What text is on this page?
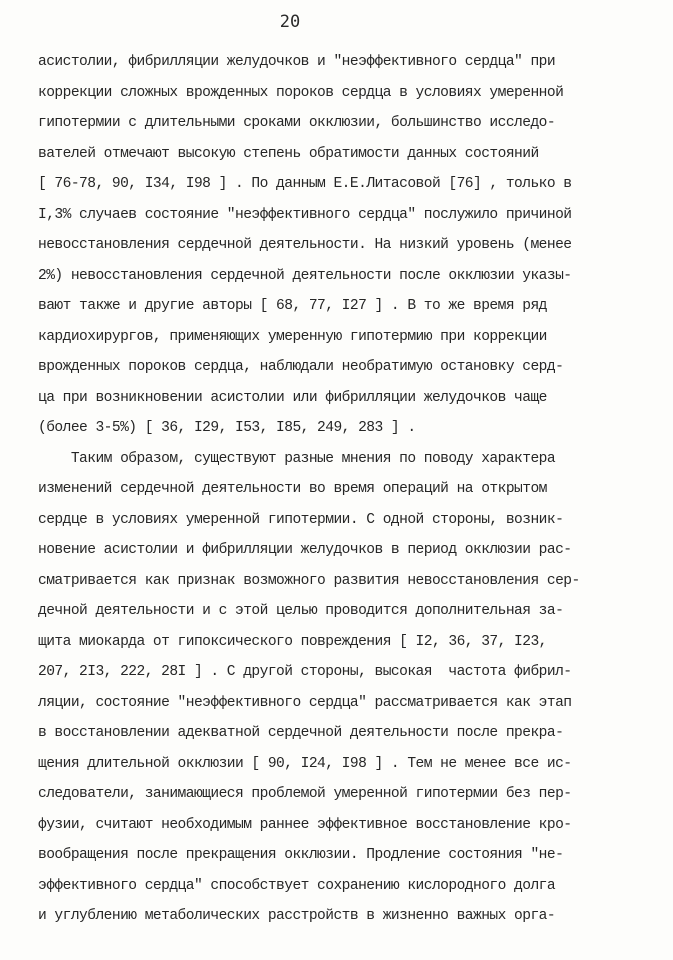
20
асистолии, фибрилляции желудочков и "неэффективного сердца" при
коррекции сложных врожденных пороков сердца в условиях умеренной
гипотермии с длительными сроками окклюзии, большинство исследо-
вателей отмечают высокую степень обратимости данных состояний
[ 76-78, 90, I34, I98 ] . По данным Е.Е.Литасовой [76] , только в
I,3% случаев состояние "неэффективного сердца" послужило причиной
невосстановления сердечной деятельности. На низкий уровень (менее
2%) невосстановления сердечной деятельности после окклюзии указы-
вают также и другие авторы [ 68, 77, I27 ] . В то же время ряд
кардиохирургов, применяющих умеренную гипотермию при коррекции
врожденных пороков сердца, наблюдали необратимую остановку серд-
ца при возникновении асистолии или фибрилляции желудочков чаще
(более 3-5%) [ 36, I29, I53, I85, 249, 283 ] .
Таким образом, существуют разные мнения по поводу характера
изменений сердечной деятельности во время операций на открытом
сердце в условиях умеренной гипотермии. С одной стороны, возник-
новение асистолии и фибрилляции желудочков в период окклюзии рас-
сматривается как признак возможного развития невосстановления сер-
дечной деятельности и с этой целью проводится дополнительная за-
щита миокарда от гипоксического повреждения [ I2, 36, 37, I23,
207, 2I3, 222, 28I ] . С другой стороны, высокая  частота фибрил-
ляции, состояние "неэффективного сердца" рассматривается как этап
в восстановлении адекватной сердечной деятельности после прекра-
щения длительной окклюзии [ 90, I24, I98 ] . Тем не менее все ис-
следователи, занимающиеся проблемой умеренной гипотермии без пер-
фузии, считают необходимым раннее эффективное восстановление кро-
вообращения после прекращения окклюзии. Продление состояния "не-
эффективного сердца" способствует сохранению кислородного долга
и углублению метаболических расстройств в жизненно важных орга-
